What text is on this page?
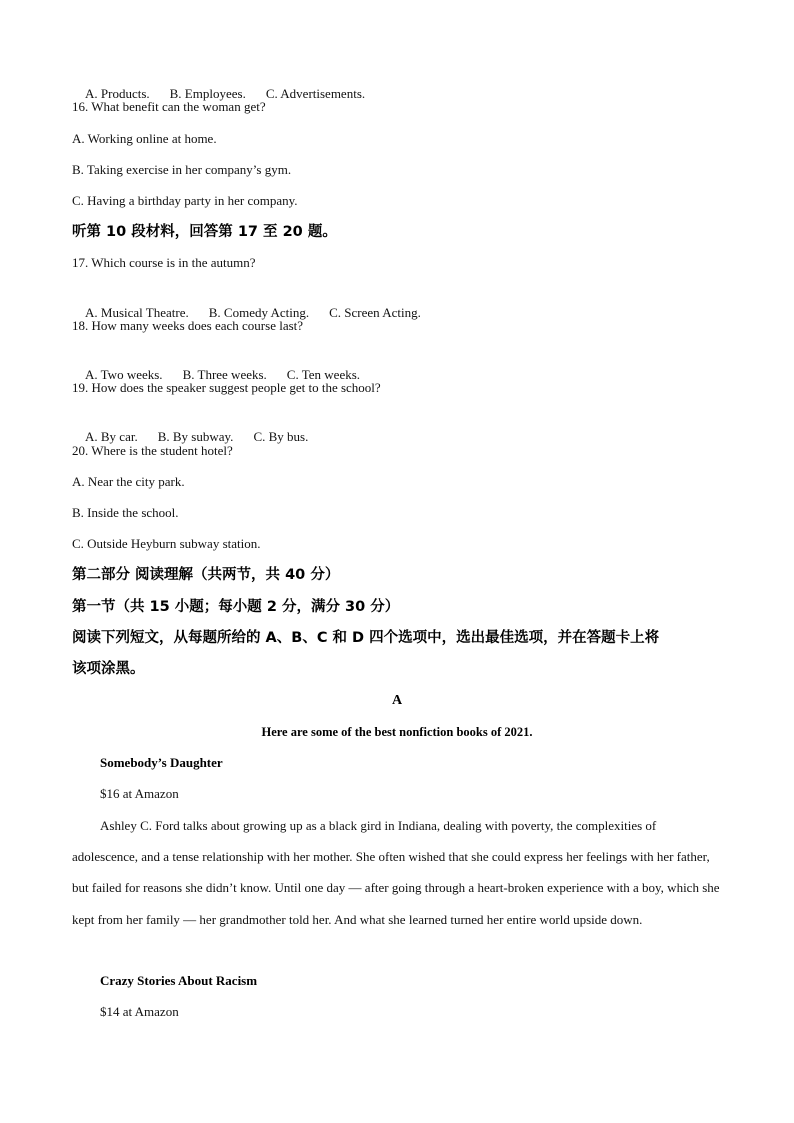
A. Products. B. Employees. C. Advertisements.

16. What benefit can the woman get?
A. Working online at home.
B. Taking exercise in her company’s gym.
C. Having a birthday party in her company.
听第 10 段材料，回答第 17 至 20 题。
17. Which course is in the autumn?

A. Musical Theatre. B. Comedy Acting. C. Screen Acting.

18. How many weeks does each course last?

A. Two weeks. B. Three weeks. C. Ten weeks.

19. How does the speaker suggest people get to the school?

A. By car. B. By subway. C. By bus.

20. Where is the student hotel?
A. Near the city park.
B. Inside the school.
C. Outside Heyburn subway station.
第二部分 阅读理解（共两节，共 40 分）
第一节（共 15 小题；每小题 2 分，满分 30 分）
阅读下列短文，从每题所给的 A、B、C 和 D 四个选项中，选出最佳选项，并在答题卡上将
该项涂黑。
A
Here are some of the best nonfiction books of 2021.
Somebody’s Daughter
$16 at Amazon
Ashley C. Ford talks about growing up as a black gird in Indiana, dealing with poverty, the complexities of adolescence, and a tense relationship with her mother. She often wished that she could express her feelings with her father, but failed for reasons she didn’t know. Until one day — after going through a heart-broken experience with a boy, which she kept from her family — her grandmother told her. And what she learned turned her entire world upside down.
Crazy Stories About Racism
$14 at Amazon
